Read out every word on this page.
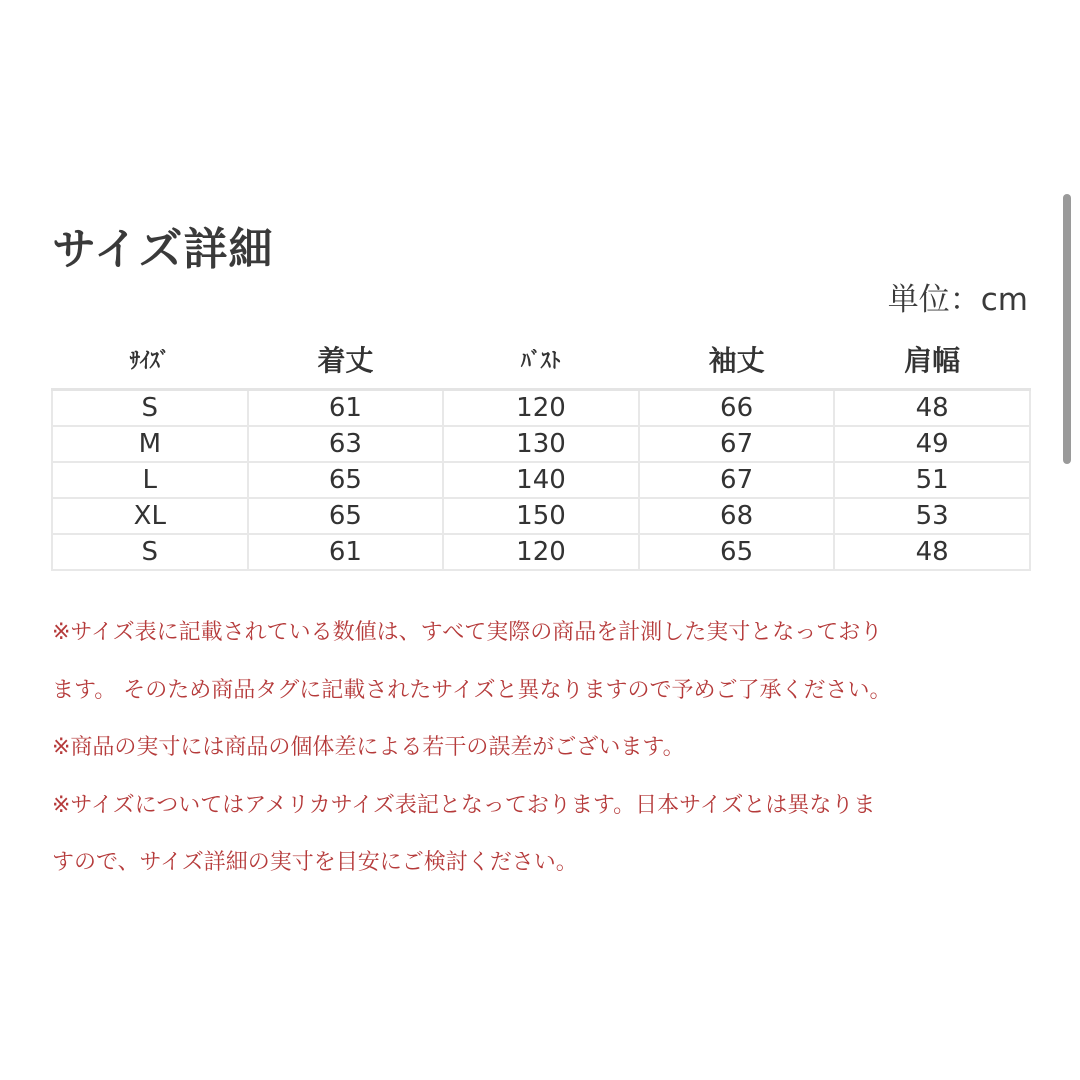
サイズ詳細
単位：cm
ｻｲｽﾞ	着丈	ﾊﾞｽﾄ	袖丈	肩幅
S	61	120	66	48
M	63	130	67	49
L	65	140	67	51
XL	65	150	68	53
S	61	120	65	48

※サイズ表に記載されている数値は、すべて実際の商品を計測した実寸となっており

ます。 そのため商品タグに記載されたサイズと異なりますので予めご了承ください。

※商品の実寸には商品の個体差による若干の誤差がございます。

※サイズについてはアメリカサイズ表記となっております。日本サイズとは異なりま

すので、サイズ詳細の実寸を目安にご検討ください。
